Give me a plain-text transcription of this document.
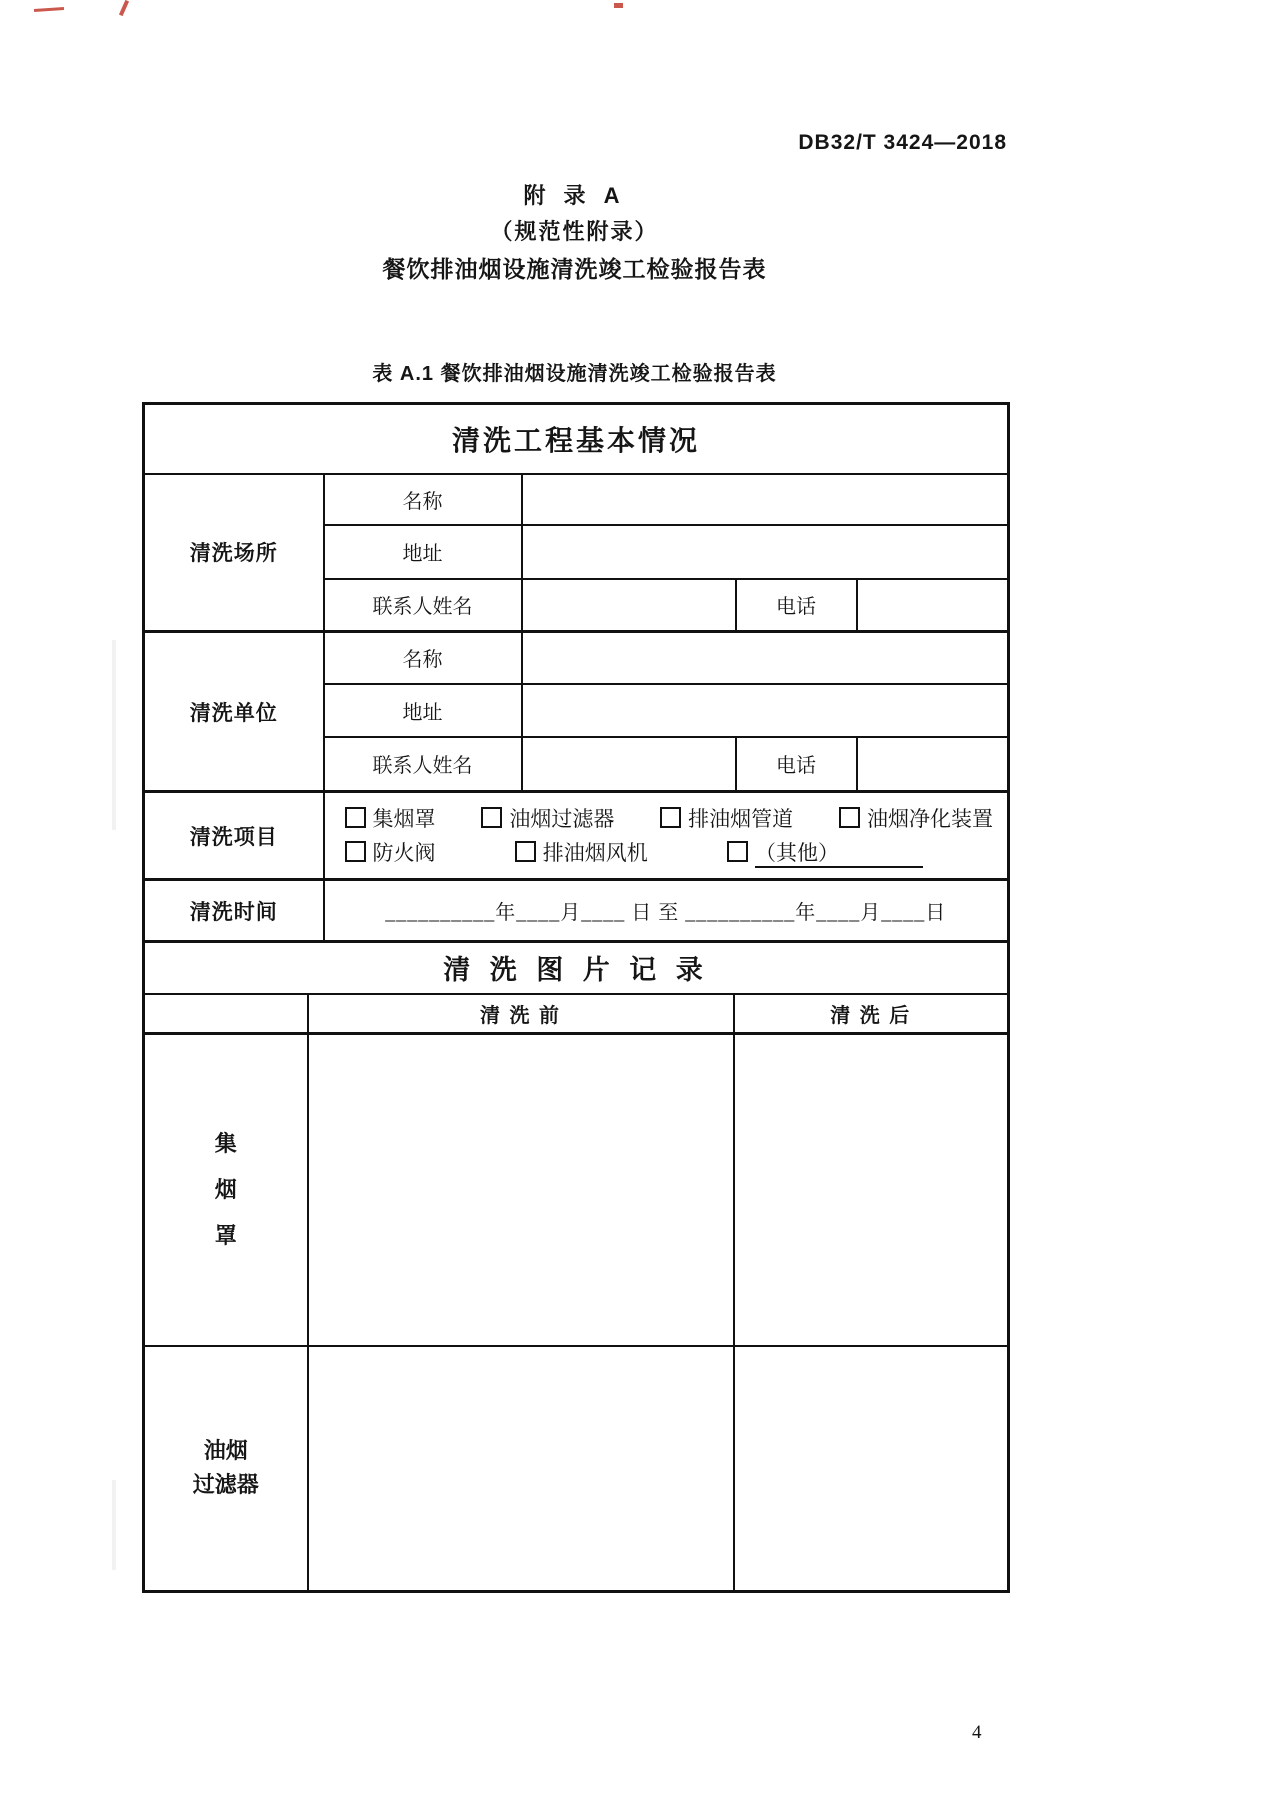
DB32/T 3424—2018
附 录 A
（规范性附录）
餐饮排油烟设施清洗竣工检验报告表
表 A.1 餐饮排油烟设施清洗竣工检验报告表
清洗工程基本情况				
清洗场所	名称			
	地址			
	联系人姓名		电话	
清洗单位	名称			
	地址			
	联系人姓名		电话	
清洗项目	
集烟罩	油烟过滤器	排油烟管道	油烟净化装置
防火阀	排油烟风机	（其他）

清洗时间	__________年____月____ 日 至 __________年____月____日			
清 洗 图 片 记 录		
	清 洗 前	清 洗 后

集
烟
罩		

油烟
过滤器		

4
